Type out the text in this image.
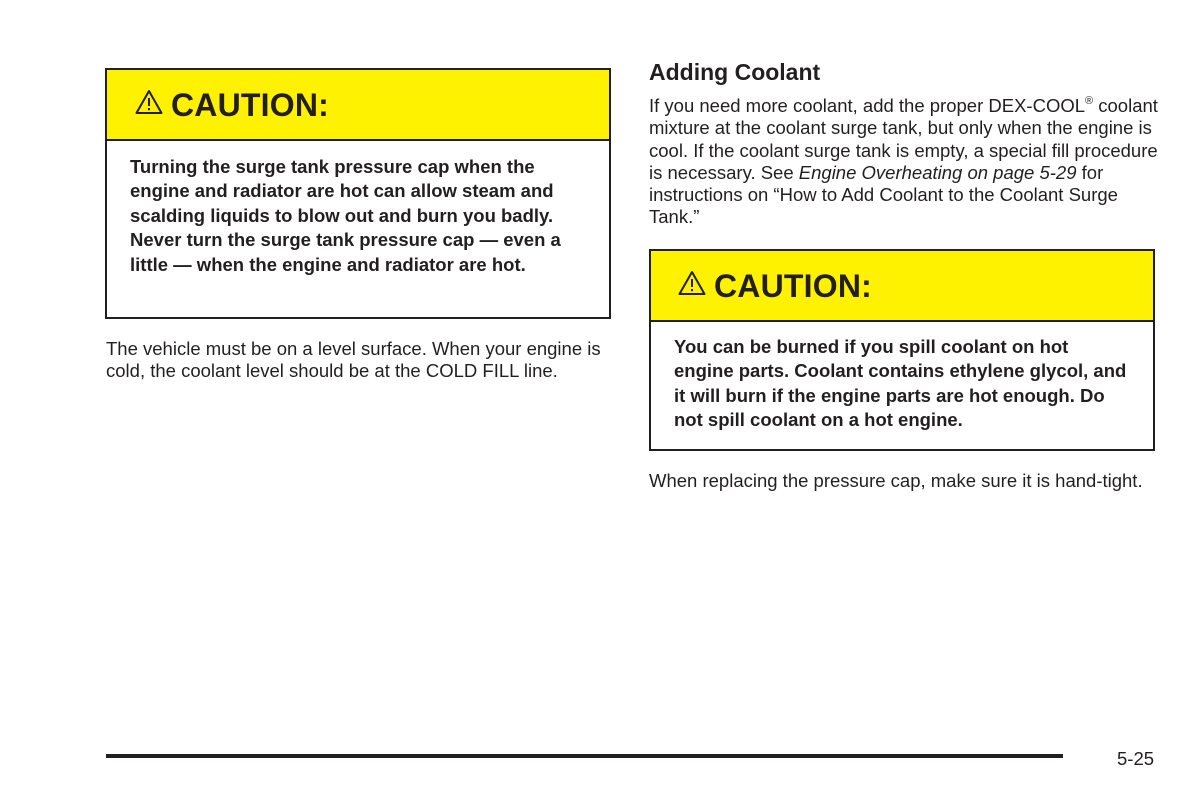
CAUTION:
Turning the surge tank pressure cap when the engine and radiator are hot can allow steam and scalding liquids to blow out and burn you badly. Never turn the surge tank pressure cap — even a little — when the engine and radiator are hot.

The vehicle must be on a level surface. When your engine is cold, the coolant level should be at the COLD FILL line.

Adding Coolant

If you need more coolant, add the proper DEX-COOL® coolant mixture at the coolant surge tank, but only when the engine is cool. If the coolant surge tank is empty, a special fill procedure is necessary. See Engine Overheating on page 5-29 for instructions on “How to Add Coolant to the Coolant Surge Tank.”

CAUTION:
You can be burned if you spill coolant on hot engine parts. Coolant contains ethylene glycol, and it will burn if the engine parts are hot enough. Do not spill coolant on a hot engine.

When replacing the pressure cap, make sure it is hand-tight.

5-25
